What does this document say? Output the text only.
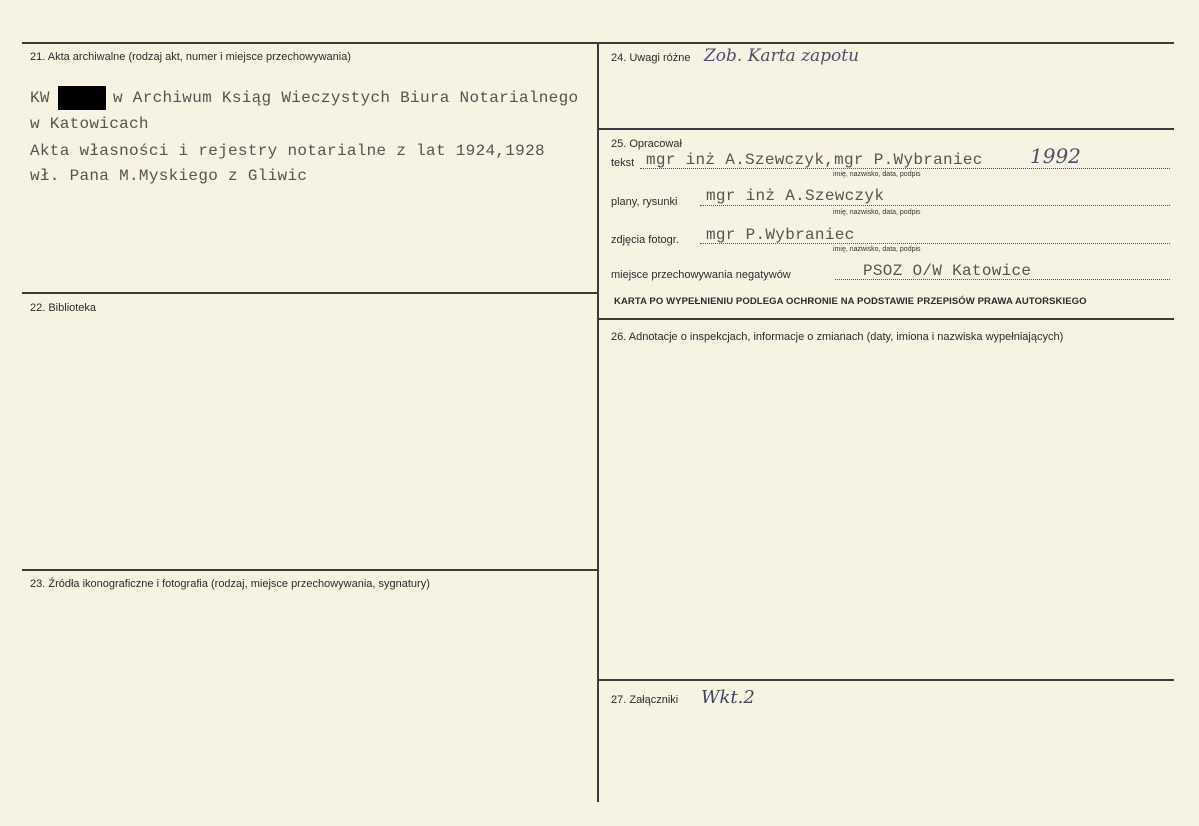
21. Akta archiwalne (rodzaj akt, numer i miejsce przechowywania)
KW	w Archiwum Ksiąg Wieczystych Biura Notarialnego
w Katowicach
Akta własności i rejestry notarialne z lat 1924,1928
wł. Pana M.Myskiego z Gliwic
22. Biblioteka
23. Źródła ikonograficzne i fotografia (rodzaj, miejsce przechowywania, sygnatury)
24. Uwagi różne Zob. Karta zapotu
25. Opracował
tekst mgr inż A.Szewczyk,mgr P.Wybraniec 1992
imię, nazwisko, data, podpis
plany, rysunki mgr inż A.Szewczyk
imię, nazwisko, data, podpis
zdjęcia fotogr. mgr P.Wybraniec
imię, nazwisko, data, podpis
miejsce przechowywania negatywów	PSOZ O/W Katowice
KARTA PO WYPEŁNIENIU PODLEGA OCHRONIE NA PODSTAWIE PRZEPISÓW PRAWA AUTORSKIEGO
26. Adnotacje o inspekcjach, informacje o zmianach (daty, imiona i nazwiska wypełniających)
27. Załączniki Wkt.2
